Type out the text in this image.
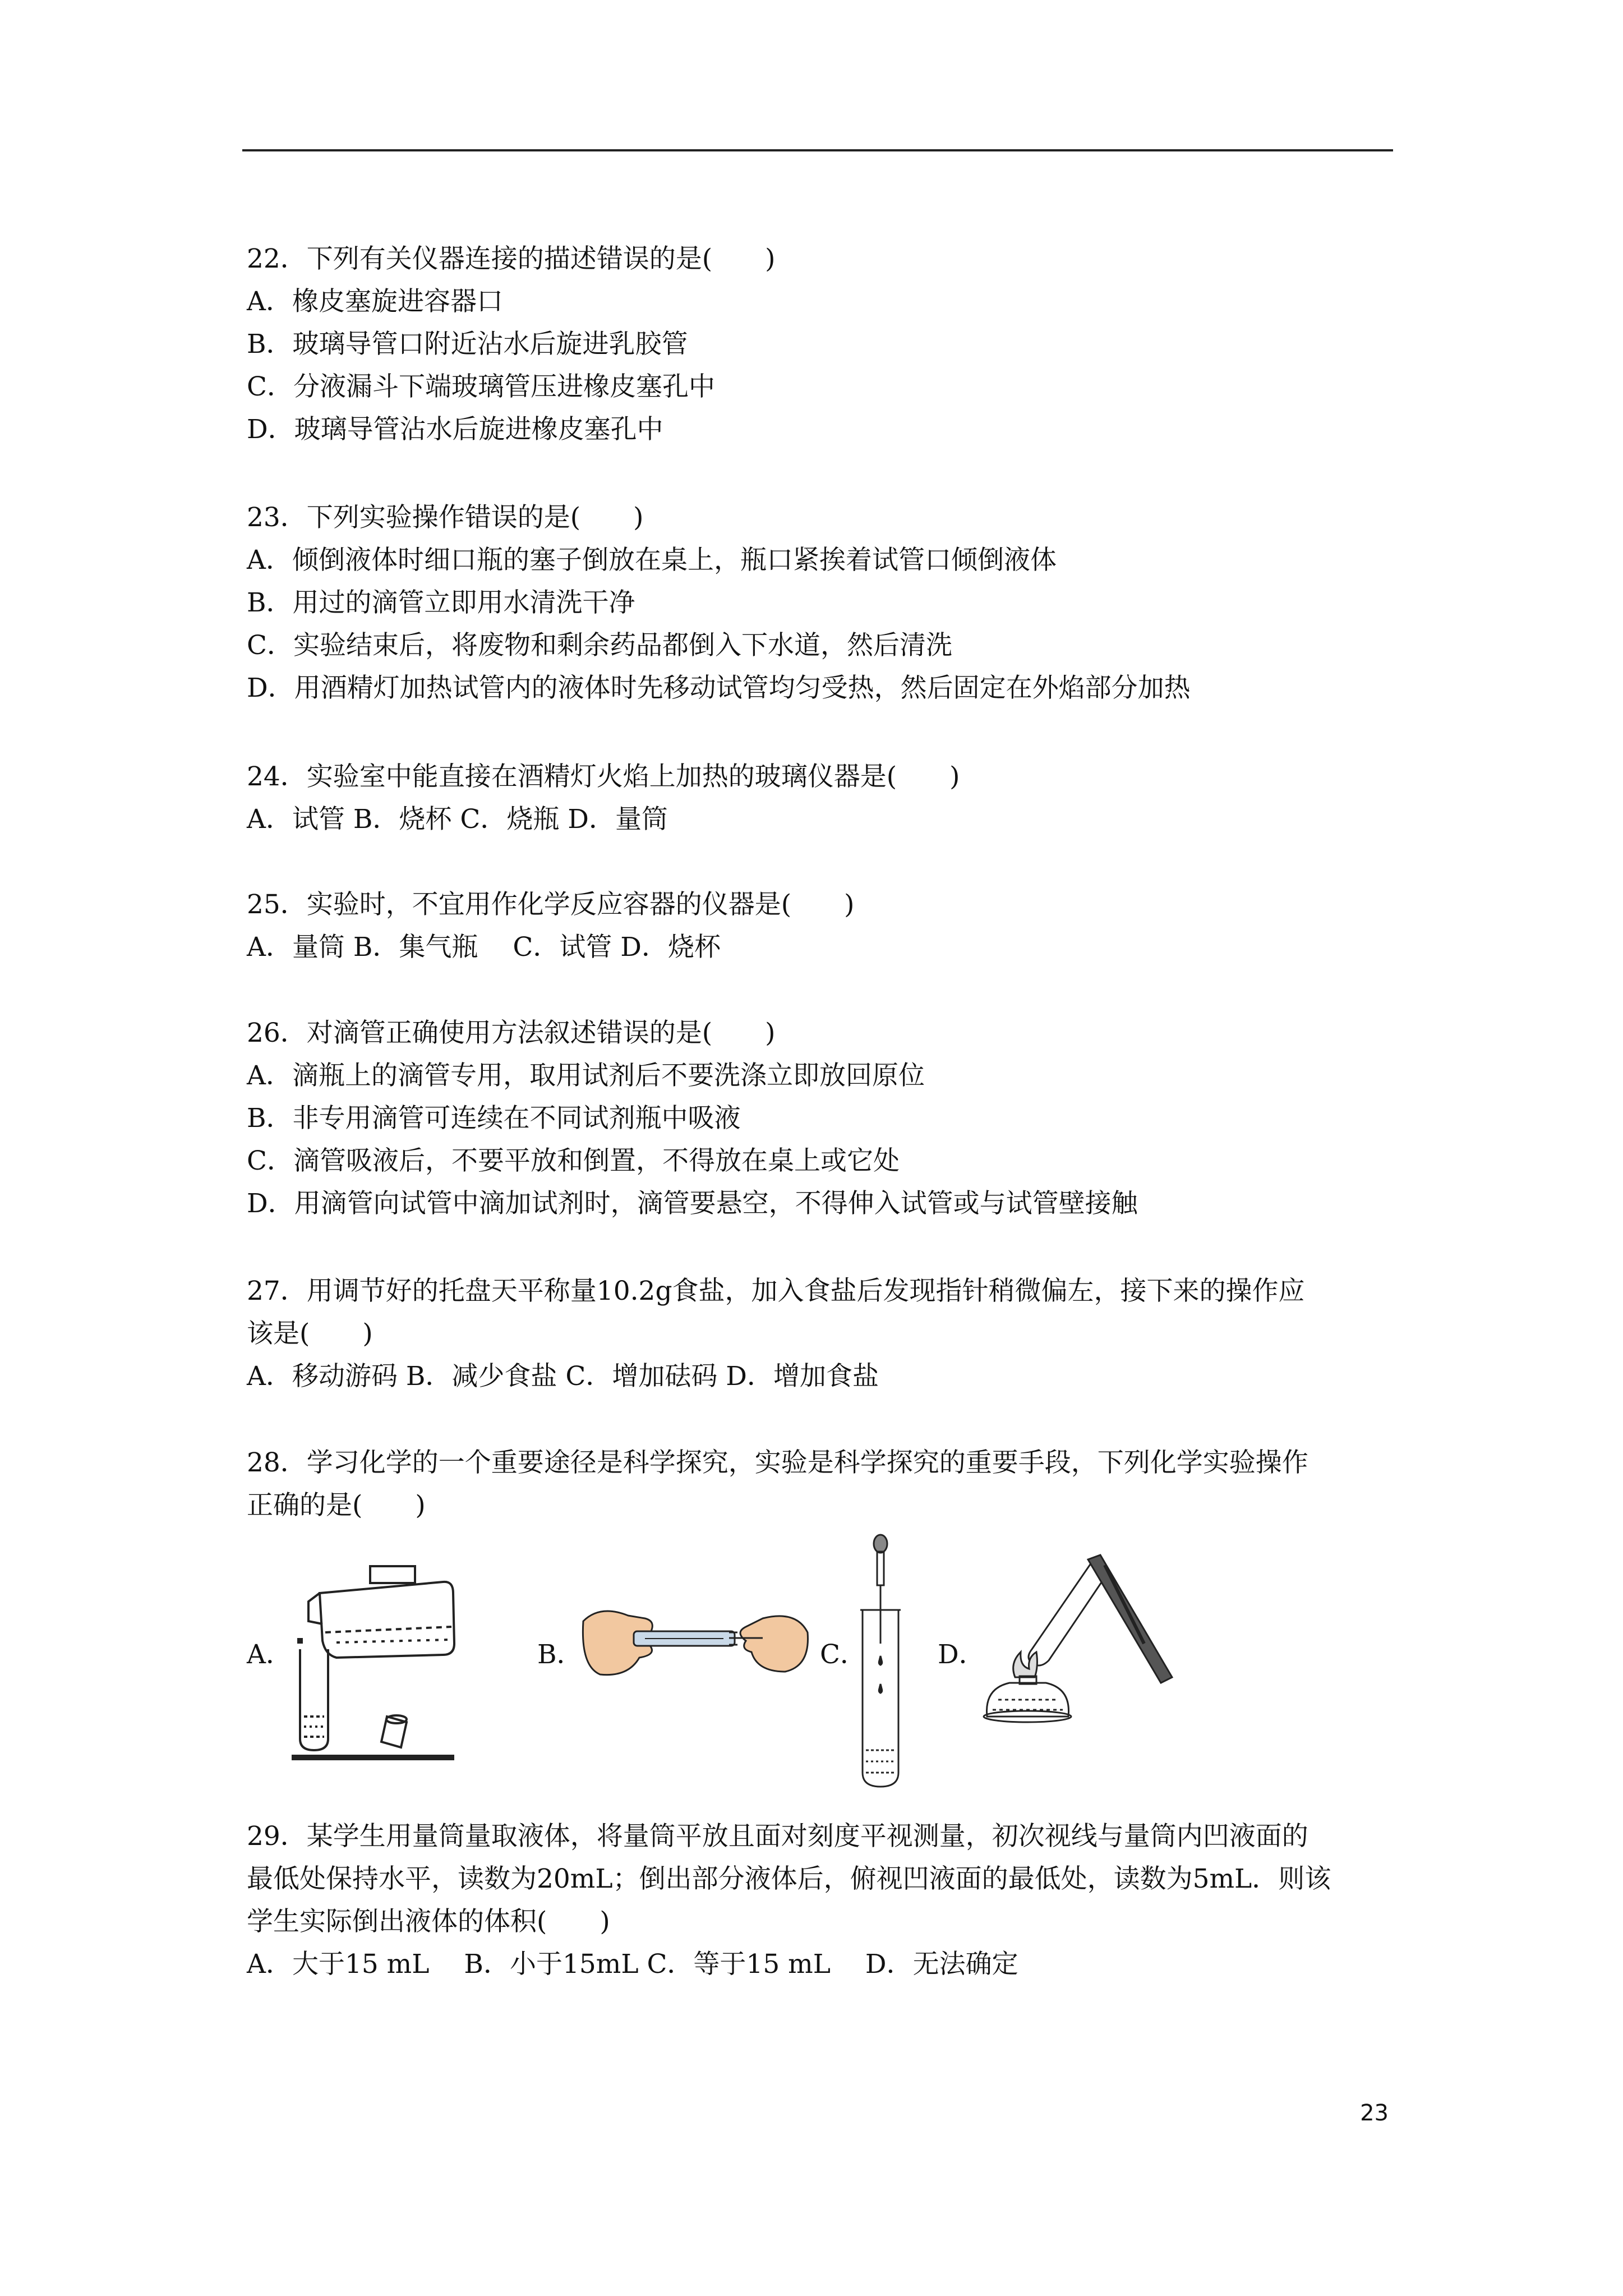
22．下列有关仪器连接的描述错误的是(　　)
A．橡皮塞旋进容器口
B．玻璃导管口附近沾水后旋进乳胶管
C．分液漏斗下端玻璃管压进橡皮塞孔中
D．玻璃导管沾水后旋进橡皮塞孔中
23．下列实验操作错误的是(　　)
A．倾倒液体时细口瓶的塞子倒放在桌上，瓶口紧挨着试管口倾倒液体
B．用过的滴管立即用水清洗干净
C．实验结束后，将废物和剩余药品都倒入下水道，然后清洗
D．用酒精灯加热试管内的液体时先移动试管均匀受热，然后固定在外焰部分加热
24．实验室中能直接在酒精灯火焰上加热的玻璃仪器是(　　)
A．试管 B．烧杯 C．烧瓶 D．量筒
25．实验时，不宜用作化学反应容器的仪器是(　　)
A．量筒 B．集气瓶　 C．试管 D．烧杯
26．对滴管正确使用方法叙述错误的是(　　)
A．滴瓶上的滴管专用，取用试剂后不要洗涤立即放回原位
B．非专用滴管可连续在不同试剂瓶中吸液
C．滴管吸液后，不要平放和倒置，不得放在桌上或它处
D．用滴管向试管中滴加试剂时，滴管要悬空，不得伸入试管或与试管壁接触
27．用调节好的托盘天平称量10.2g食盐，加入食盐后发现指针稍微偏左，接下来的操作应
该是(　　)
A．移动游码 B．减少食盐 C．增加砝码 D．增加食盐
28．学习化学的一个重要途径是科学探究，实验是科学探究的重要手段，下列化学实验操作
正确的是(　　)
A．	B．	C．	D．
29．某学生用量筒量取液体，将量筒平放且面对刻度平视测量，初次视线与量筒内凹液面的
最低处保持水平，读数为20mL；倒出部分液体后，俯视凹液面的最低处，读数为5mL．则该
学生实际倒出液体的体积(　　)
A．大于15 mL　 B．小于15mL C．等于15 mL　 D．无法确定
23
